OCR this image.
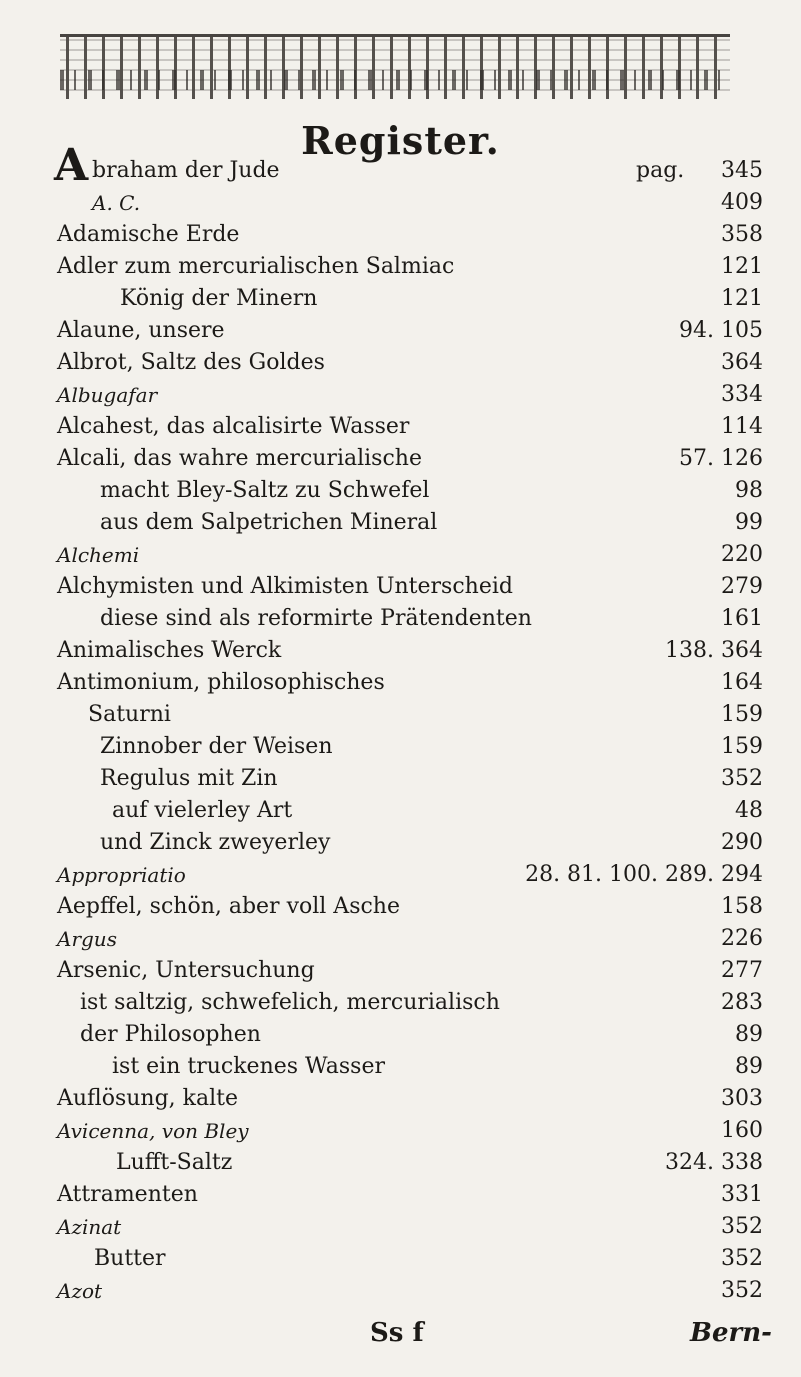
Register.
A braham der Jude	pag. 345
A. C.	409
Adamische Erde	358
Adler zum mercurialischen Salmiac	121
König der Minern	121
Alaune, unsere	94. 105
Albrot, Saltz des Goldes	364
Albugafar	334
Alcahest, das alcalisirte Wasser	114
Alcali, das wahre mercurialische	57. 126
macht Bley-Saltz zu Schwefel	98
aus dem Salpetrichen Mineral	99
Alchemi	220
Alchymisten und Alkimisten Unterscheid	279
diese sind als reformirte Prätendenten	161
Animalisches Werck	138. 364
Antimonium, philosophisches	164
Saturni	159
Zinnober der Weisen	159
Regulus mit Zin	352
auf vielerley Art	48
und Zinck zweyerley	290
Appropriatio	28. 81. 100. 289. 294
Aepffel, schön, aber voll Asche	158
Argus	226
Arsenic, Untersuchung	277
ist saltzig, schwefelich, mercurialisch	283
der Philosophen	89
ist ein truckenes Wasser	89
Auflösung, kalte	303
Avicenna, von Bley	160
Lufft-Saltz	324. 338
Attramenten	331
Azinat	352
Butter	352
Azot	352
Ss f	Bern-
